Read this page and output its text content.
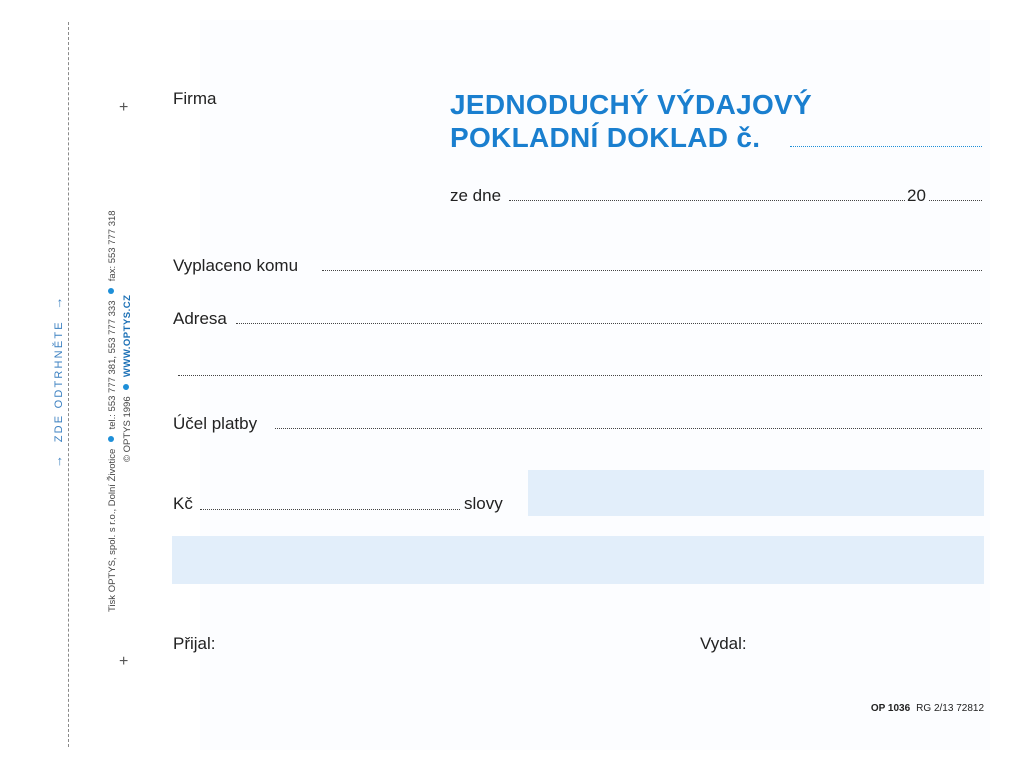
→  ZDE ODTRHNĚTE  →
Tisk OPTYS, spol. s r.o., Dolní Životice  tel.: 553 777 381, 553 777 333  fax: 553 777 318
© OPTYS 1996  WWW.OPTYS.CZ
+
+
Firma	JEDNODUCHÝ VÝDAJOVÝ
POKLADNÍ DOKLAD č.
ze dne	20
Vyplaceno komu
Adresa
Účel platby
Kč	slovy
Přijal:	Vydal:
OP 1036 RG 2/13 72812
